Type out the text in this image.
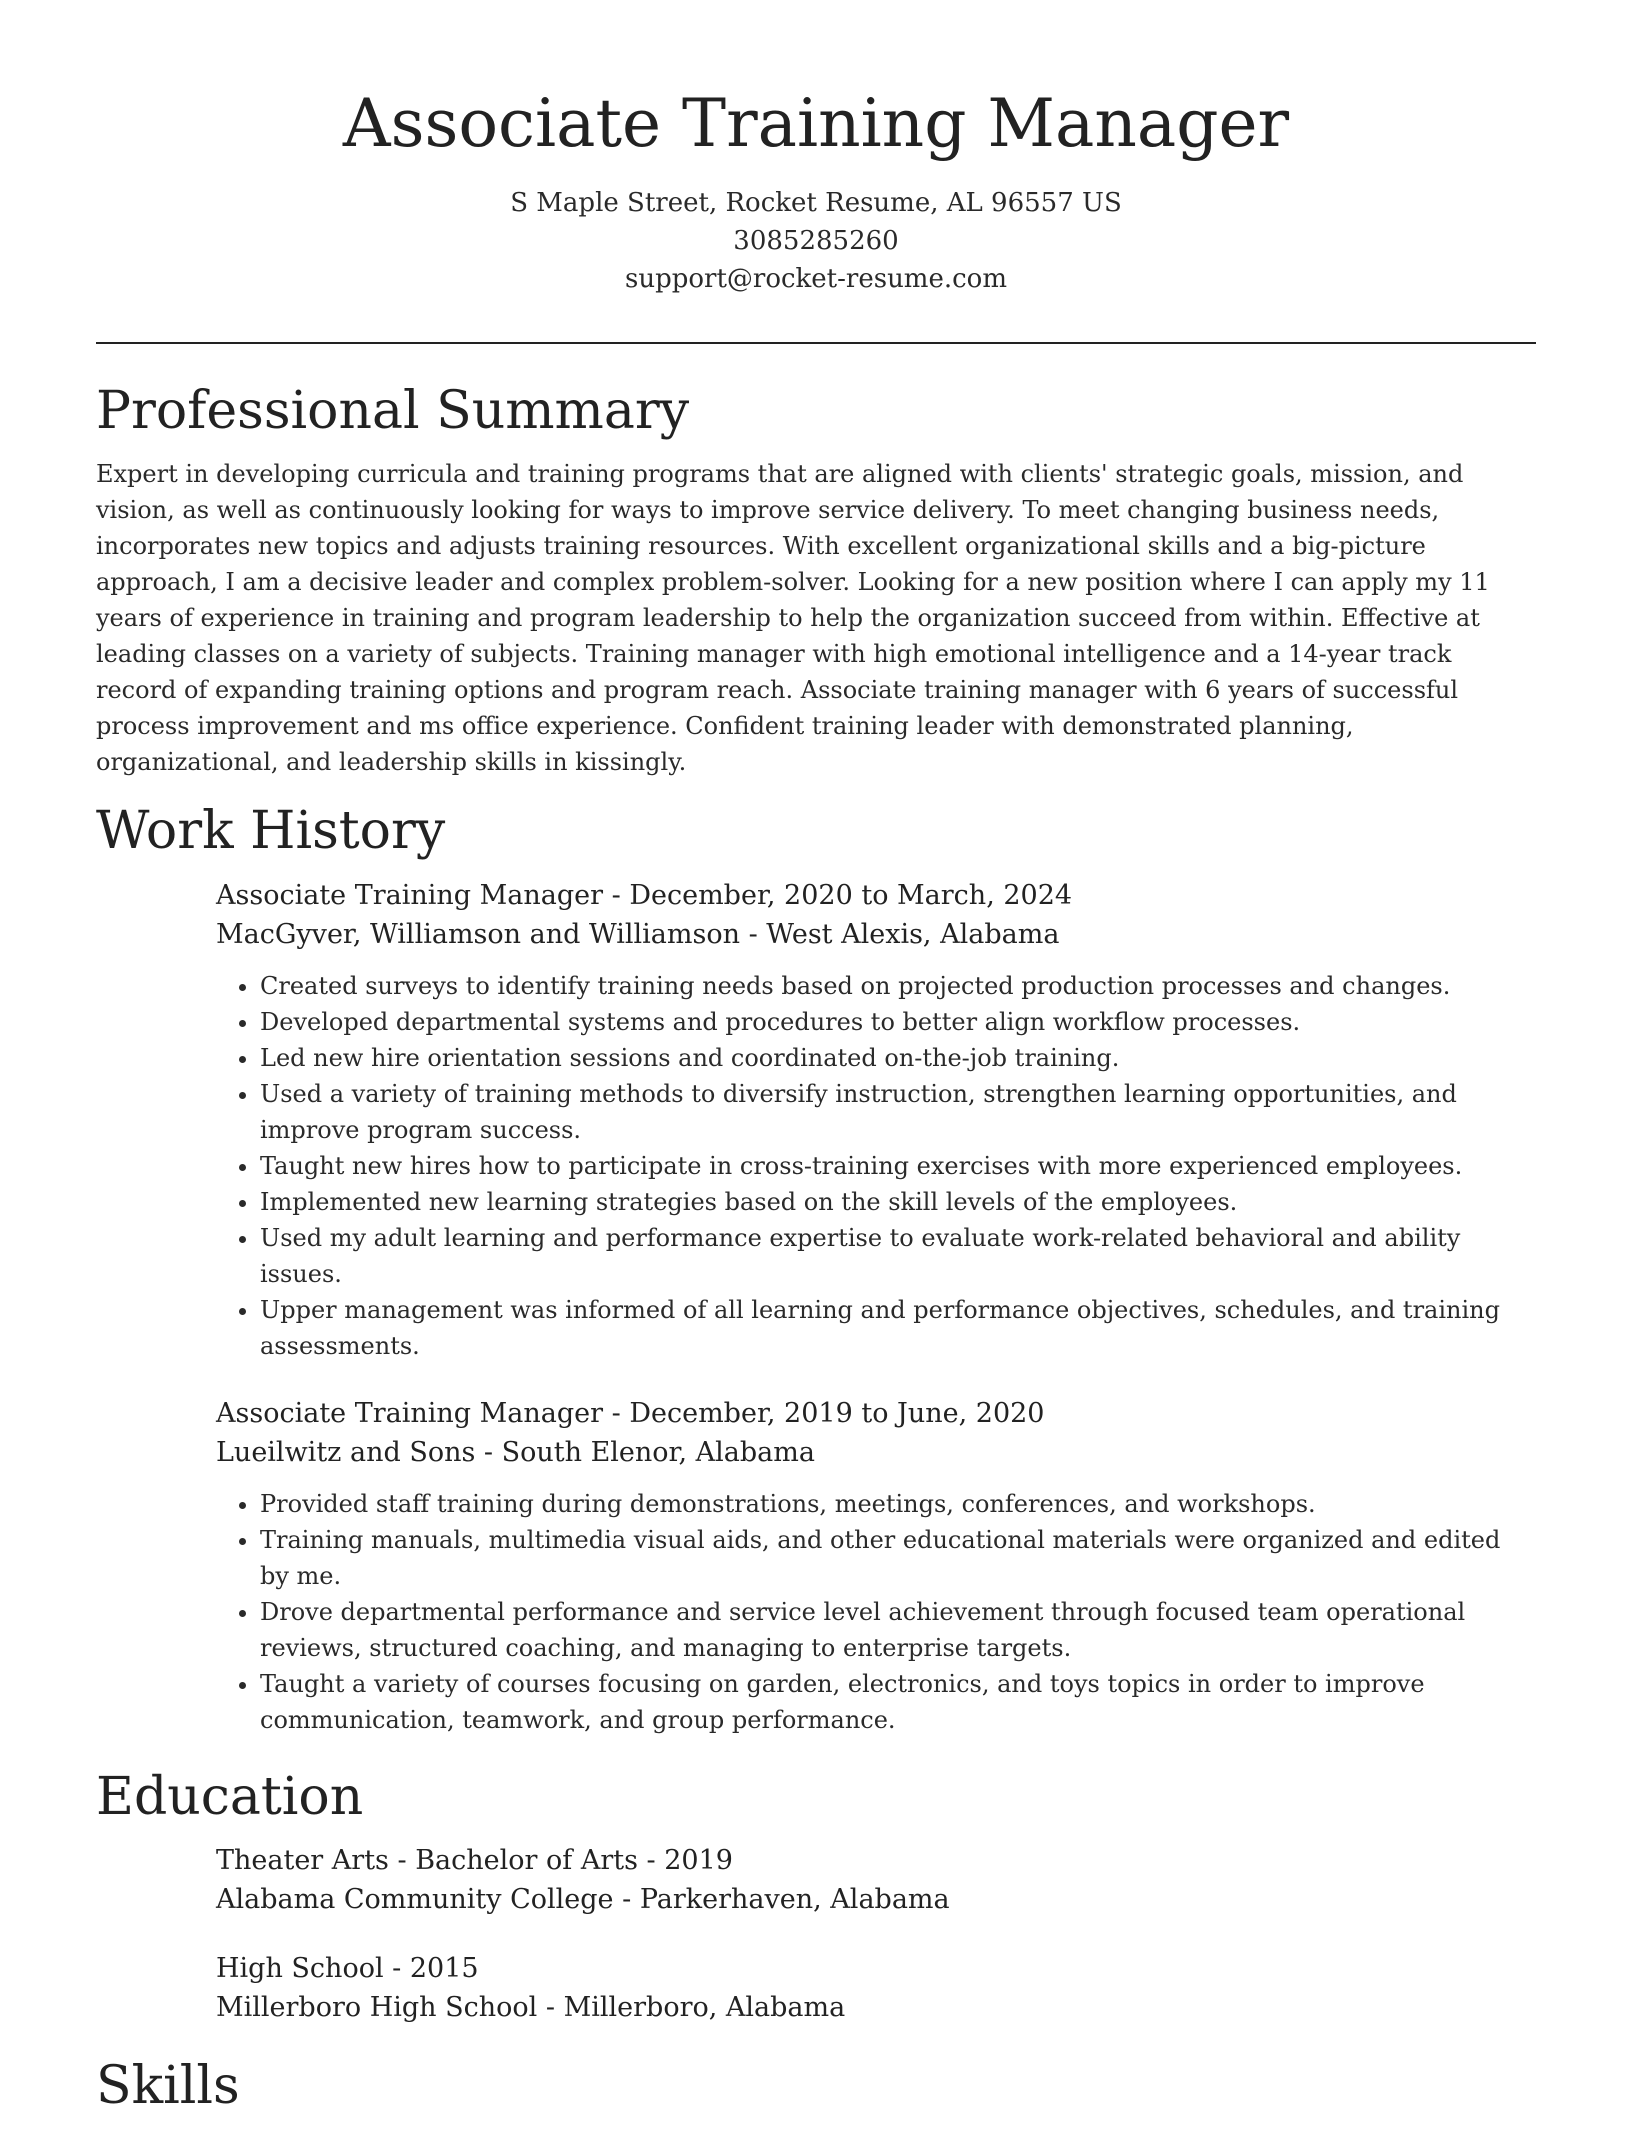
Associate Training Manager
S Maple Street, Rocket Resume, AL 96557 US
3085285260
support@rocket-resume.com
Professional Summary

Expert in developing curricula and training programs that are aligned with clients' strategic goals, mission, and vision, as well as continuously looking for ways to improve service delivery. To meet changing business needs, incorporates new topics and adjusts training resources. With excellent organizational skills and a big-picture approach, I am a decisive leader and complex problem-solver. Looking for a new position where I can apply my 11 years of experience in training and program leadership to help the organization succeed from within. Effective at leading classes on a variety of subjects. Training manager with high emotional intelligence and a 14-year track record of expanding training options and program reach. Associate training manager with 6 years of successful process improvement and ms office experience. Confident training leader with demonstrated planning, organizational, and leadership skills in kissingly.

Work History
Associate Training Manager - December, 2020 to March, 2024
MacGyver, Williamson and Williamson - West Alexis, Alabama
• Created surveys to identify training needs based on projected production processes and changes.
• Developed departmental systems and procedures to better align workflow processes.
• Led new hire orientation sessions and coordinated on-the-job training.
• Used a variety of training methods to diversify instruction, strengthen learning opportunities, and improve program success.
• Taught new hires how to participate in cross-training exercises with more experienced employees.
• Implemented new learning strategies based on the skill levels of the employees.
• Used my adult learning and performance expertise to evaluate work-related behavioral and ability issues.
• Upper management was informed of all learning and performance objectives, schedules, and training assessments.
Associate Training Manager - December, 2019 to June, 2020
Lueilwitz and Sons - South Elenor, Alabama
• Provided staff training during demonstrations, meetings, conferences, and workshops.
• Training manuals, multimedia visual aids, and other educational materials were organized and edited by me.
• Drove departmental performance and service level achievement through focused team operational reviews, structured coaching, and managing to enterprise targets.
• Taught a variety of courses focusing on garden, electronics, and toys topics in order to improve communication, teamwork, and group performance.
Education
Theater Arts - Bachelor of Arts - 2019
Alabama Community College - Parkerhaven, Alabama
High School - 2015
Millerboro High School - Millerboro, Alabama
Skills
